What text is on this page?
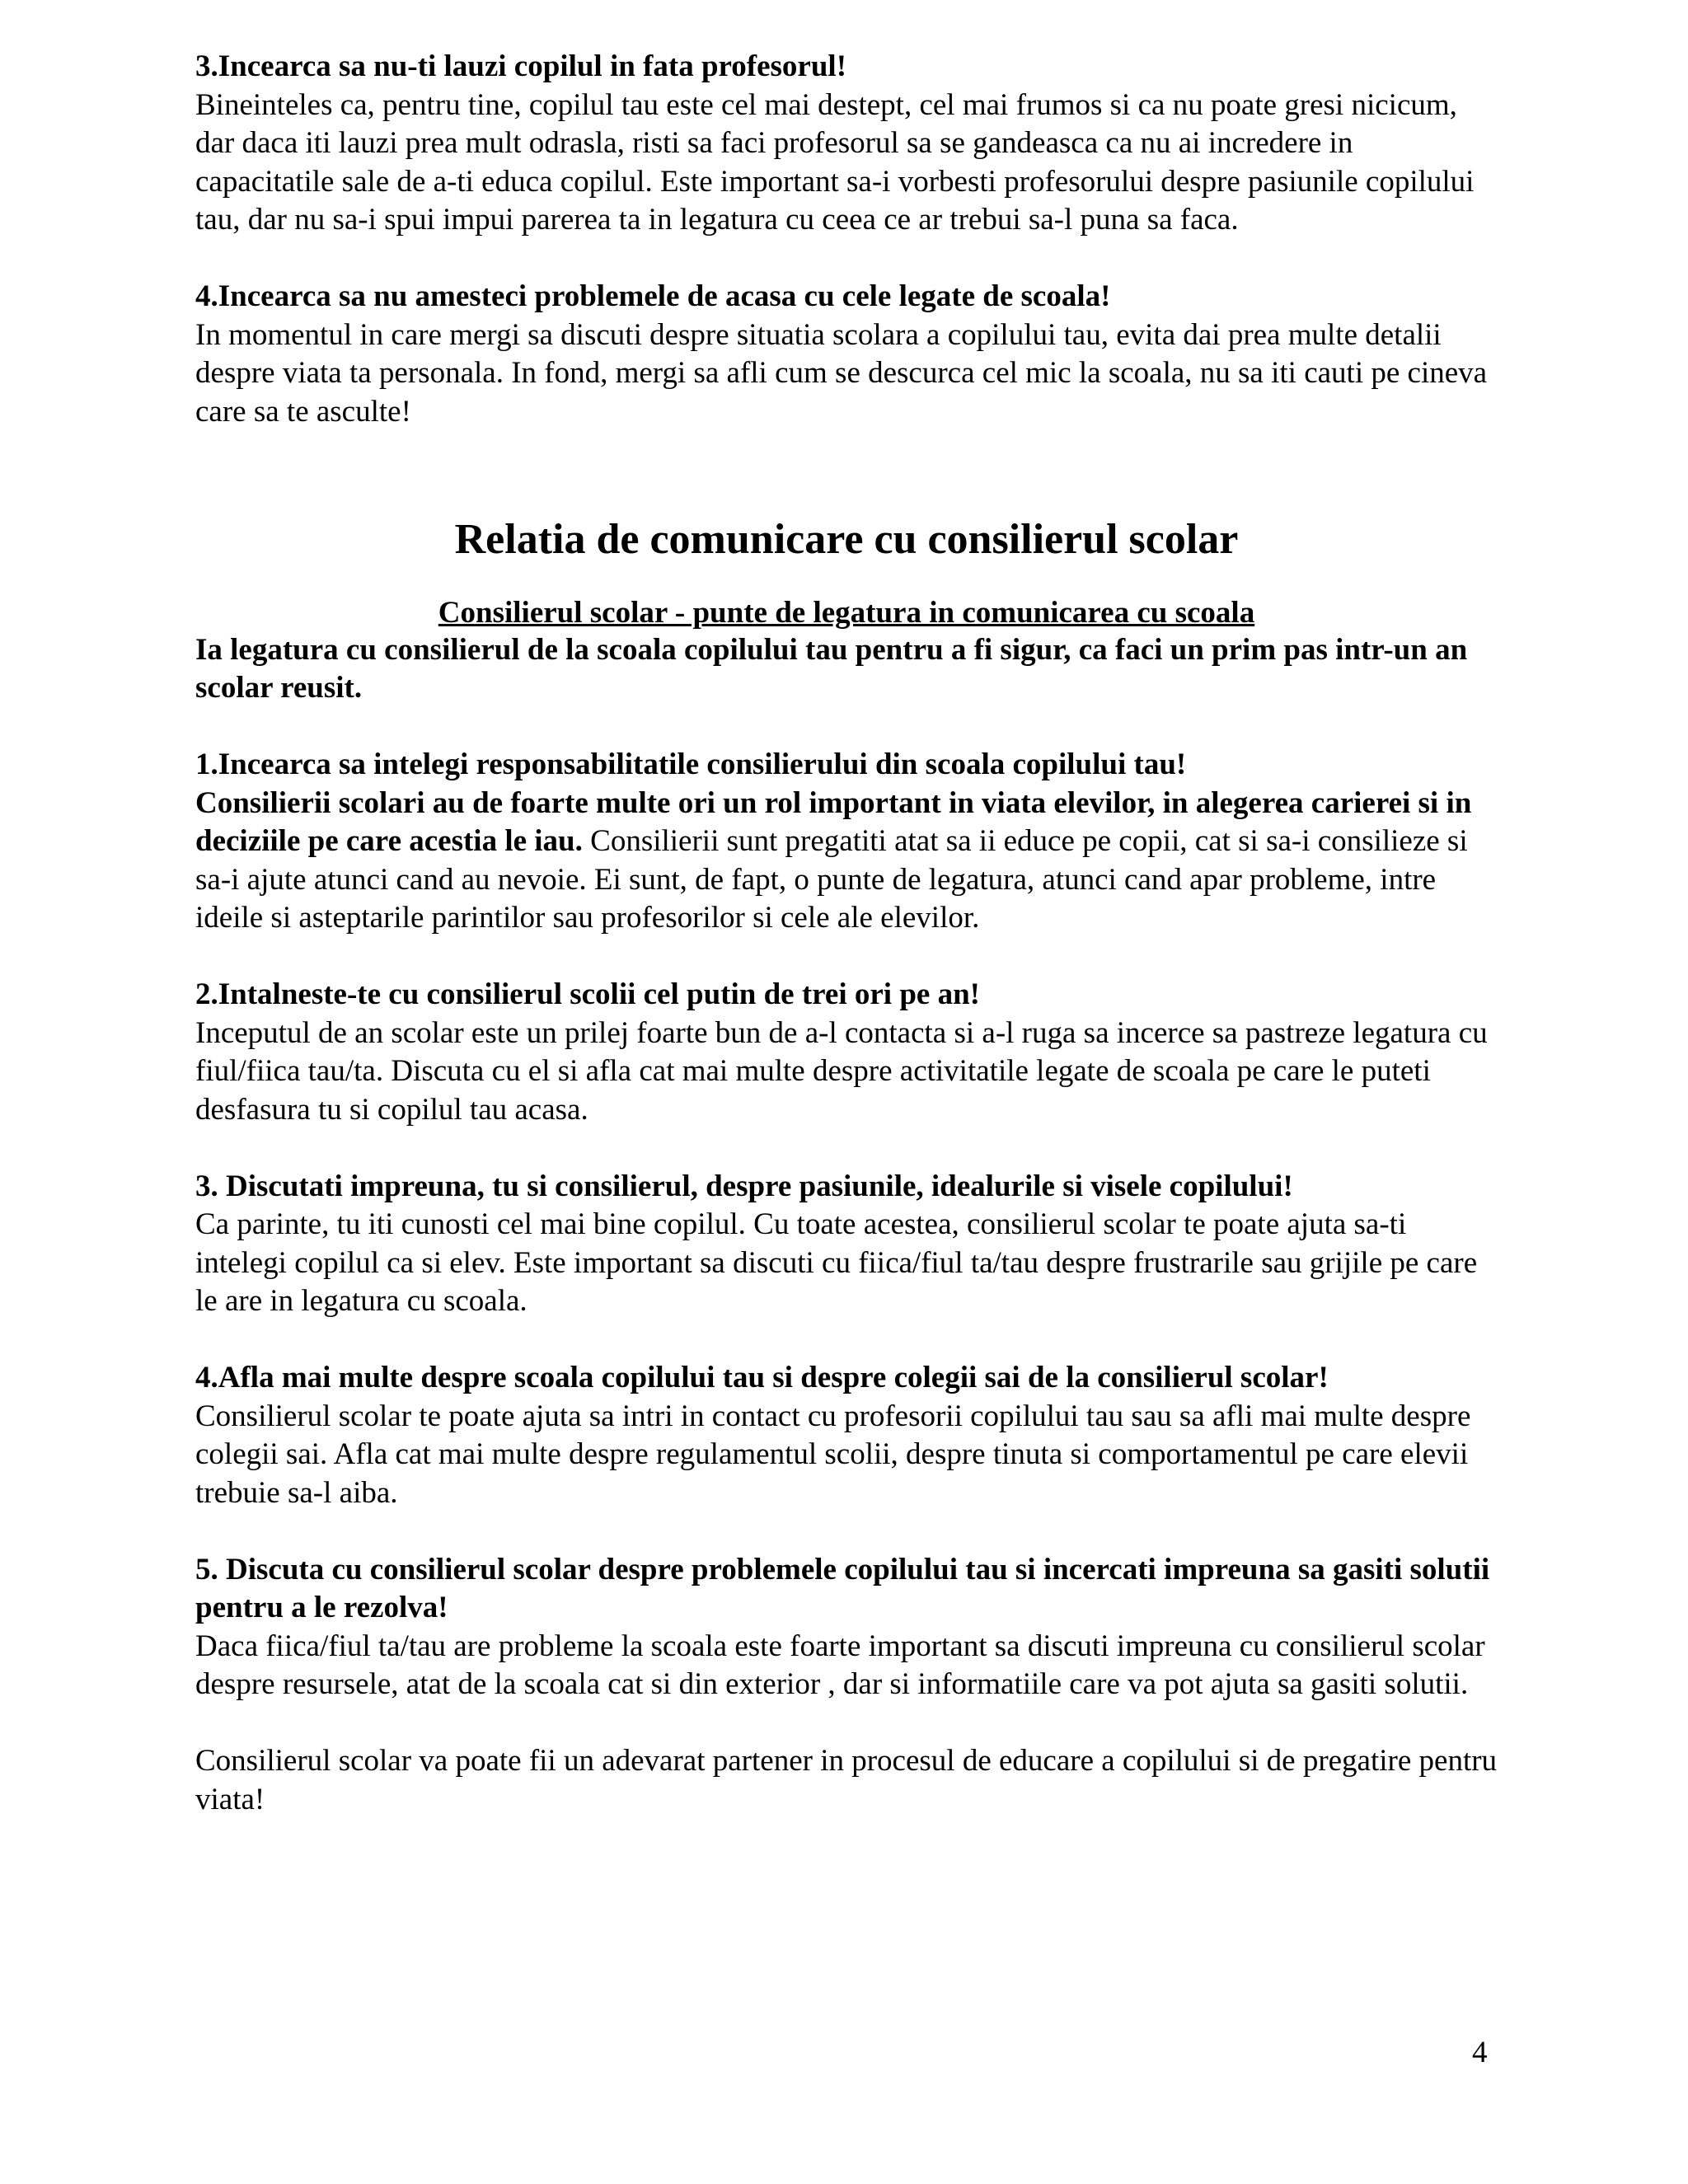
3.Incearca sa nu-ti lauzi copilul in fata profesorul!

Bineinteles ca, pentru tine, copilul tau este cel mai destept, cel mai frumos si ca nu poate gresi nicicum, dar daca iti lauzi prea mult odrasla, risti sa faci profesorul sa se gandeasca ca nu ai incredere in capacitatile sale de a-ti educa copilul. Este important sa-i vorbesti profesorului despre pasiunile copilului tau, dar nu sa-i spui impui parerea ta in legatura cu ceea ce ar trebui sa-l puna sa faca.

4.Incearca sa nu amesteci problemele de acasa cu cele legate de scoala!

In momentul in care mergi sa discuti despre situatia scolara a copilului tau, evita dai prea multe detalii despre viata ta personala. In fond, mergi sa afli cum se descurca cel mic la scoala, nu sa iti cauti pe cineva care sa te asculte!

Relatia de comunicare cu consilierul scolar

Consilierul scolar - punte de legatura in comunicarea cu scoala

Ia legatura cu consilierul de la scoala copilului tau pentru a fi sigur, ca faci un prim pas intr-un an scolar reusit.

1.Incearca sa intelegi responsabilitatile consilierului din scoala copilului tau!

Consilierii scolari au de foarte multe ori un rol important in viata elevilor, in alegerea carierei si in deciziile pe care acestia le iau. Consilierii sunt pregatiti atat sa ii educe pe copii, cat si sa-i consilieze si sa-i ajute atunci cand au nevoie. Ei sunt, de fapt, o punte de legatura, atunci cand apar probleme, intre ideile si asteptarile parintilor sau profesorilor si cele ale elevilor.

2.Intalneste-te cu consilierul scolii cel putin de trei ori pe an!

Inceputul de an scolar este un prilej foarte bun de a-l contacta si a-l ruga sa incerce sa pastreze legatura cu fiul/fiica tau/ta. Discuta cu el si afla cat mai multe despre activitatile legate de scoala pe care le puteti desfasura tu si copilul tau acasa.

3. Discutati impreuna, tu si consilierul, despre pasiunile, idealurile si visele copilului!

Ca parinte, tu iti cunosti cel mai bine copilul. Cu toate acestea, consilierul scolar te poate ajuta sa-ti intelegi copilul ca si elev. Este important sa discuti cu fiica/fiul ta/tau despre frustrarile sau grijile pe care le are in legatura cu scoala.

4.Afla mai multe despre scoala copilului tau si despre colegii sai de la consilierul scolar!

Consilierul scolar te poate ajuta sa intri in contact cu profesorii copilului tau sau sa afli mai multe despre colegii sai. Afla cat mai multe despre regulamentul scolii, despre tinuta si comportamentul pe care elevii trebuie sa-l aiba.

5. Discuta cu consilierul scolar despre problemele copilului tau si incercati impreuna sa gasiti solutii pentru a le rezolva!

Daca fiica/fiul ta/tau are probleme la scoala este foarte important sa discuti impreuna cu consilierul scolar despre resursele, atat de la scoala cat si din exterior , dar si informatiile care va pot ajuta sa gasiti solutii.

Consilierul scolar va poate fii un adevarat partener in procesul de educare a copilului si de pregatire pentru viata!

4
